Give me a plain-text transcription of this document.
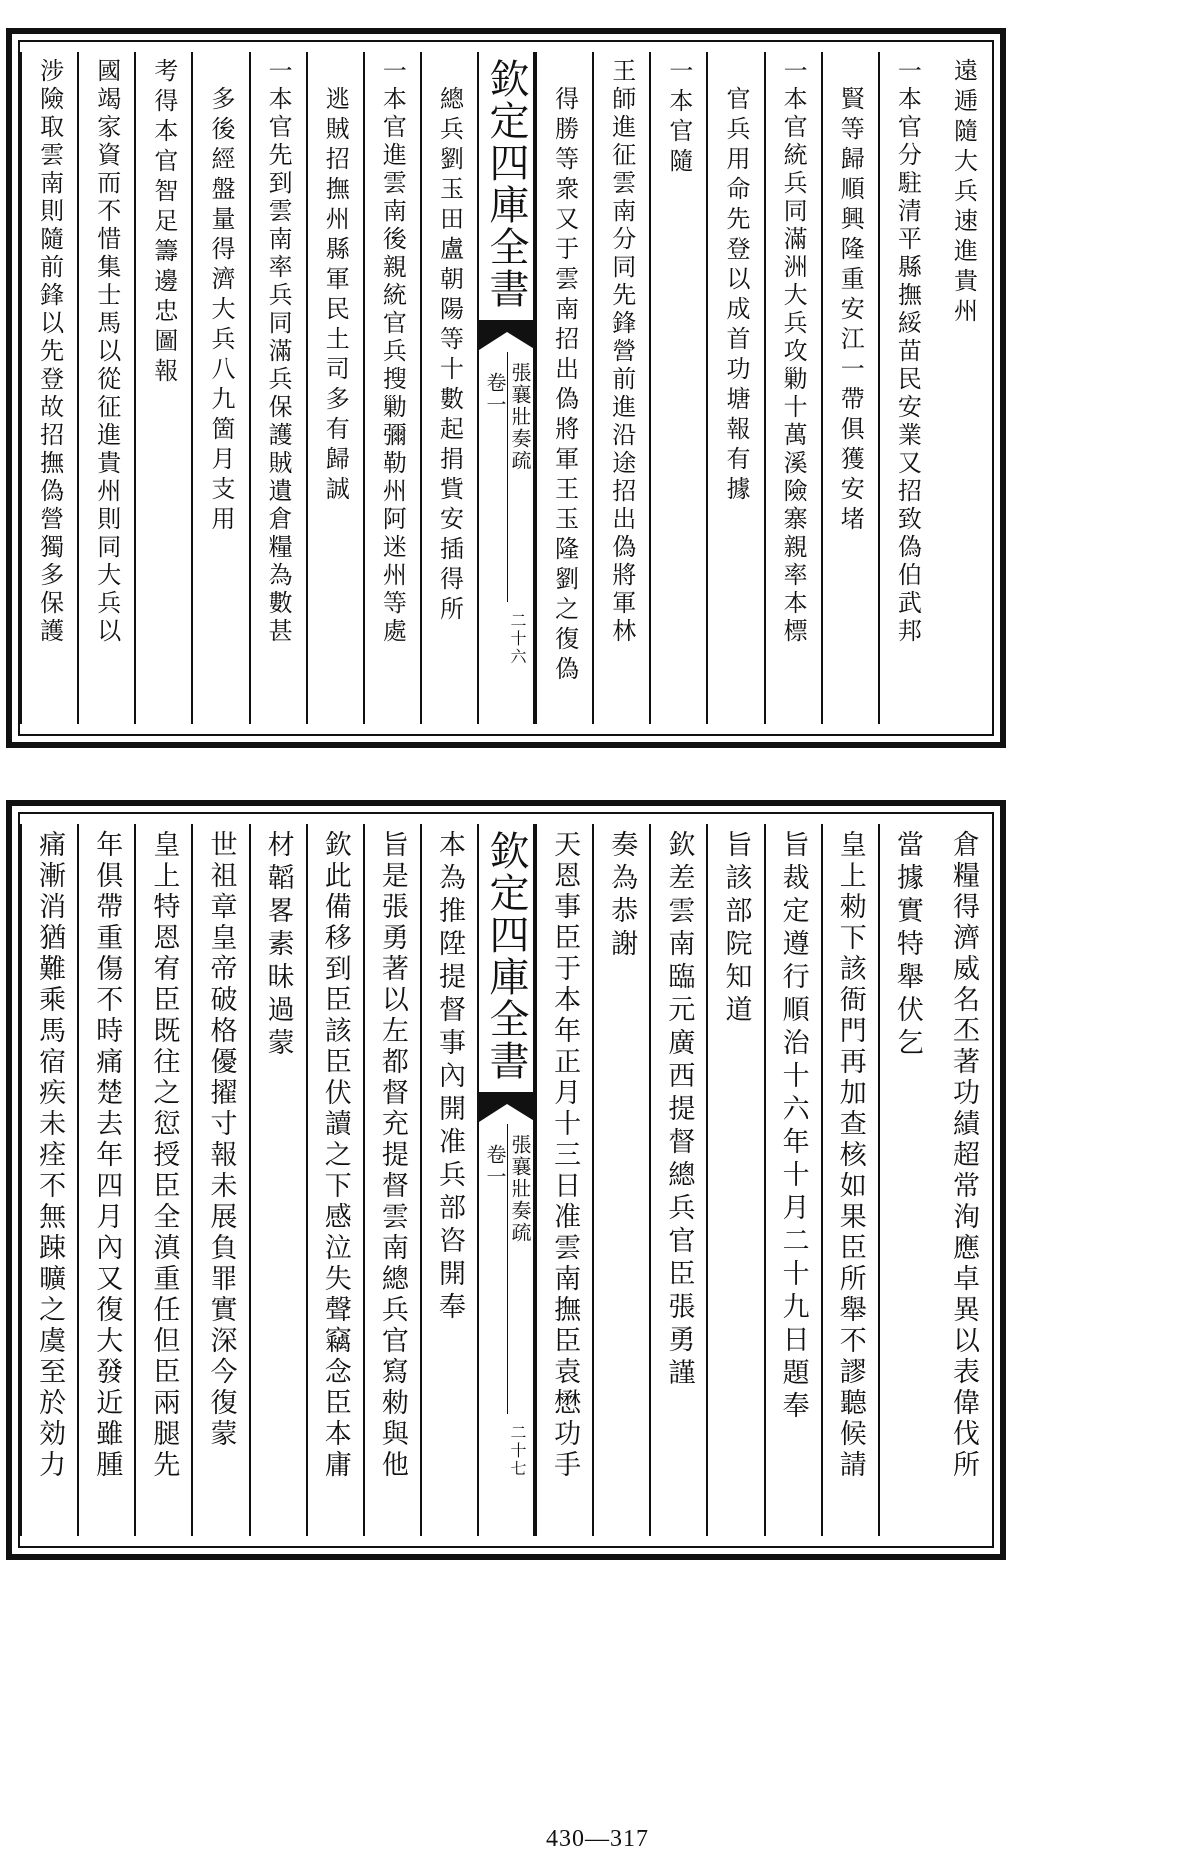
欽定四庫全書
張襄壯奏疏
卷一
二十六
遠逓隨大兵速進貴州
一本官分駐清平縣撫綏苗民安業又招致偽伯武邦
賢等歸順興隆重安江一帶俱獲安堵
一本官統兵同滿洲大兵攻勦十萬溪險寨親率本標
官兵用命先登以成首功塘報有據
一本官隨
王師進征雲南分同先鋒營前進沿途招出偽將軍林
得勝等衆又于雲南招出偽將軍王玉隆劉之復偽
總兵劉玉田盧朝陽等十數起捐貲安插得所
一本官進雲南後親統官兵搜勦彌勒州阿迷州等處
逃賊招撫州縣軍民土司多有歸誠
一本官先到雲南率兵同滿兵保護賊遺倉糧為數甚
多後經盤量得濟大兵八九箇月支用
考得本官智足籌邊忠圖報
國竭家資而不惜集士馬以從征進貴州則同大兵以
涉險取雲南則隨前鋒以先登故招撫偽營獨多保護
欽定四庫全書
張襄壯奏疏
卷一
二十七	倉糧得濟威名丕著功績超常洵應卓異以表偉伐所
當據實特舉伏乞
皇上勑下該衙門再加查核如果臣所舉不謬聽候請
旨裁定遵行順治十六年十月二十九日題奉
旨該部院知道
欽差雲南臨元廣西提督總兵官臣張勇謹
奏為恭謝
天恩事臣于本年正月十三日准雲南撫臣袁懋功手
本為推陞提督事內開准兵部咨開奉
旨是張勇著以左都督充提督雲南總兵官寫勑與他
欽此備移到臣該臣伏讀之下感泣失聲竊念臣本庸
材韜畧素昧過蒙
世祖章皇帝破格優擢寸報未展負罪實深今復蒙
皇上特恩宥臣既往之愆授臣全滇重任但臣兩腿先
年俱帶重傷不時痛楚去年四月內又復大發近雖腫
痛漸消猶難乘馬宿疾未痊不無踈曠之虞至於効力
430—317
